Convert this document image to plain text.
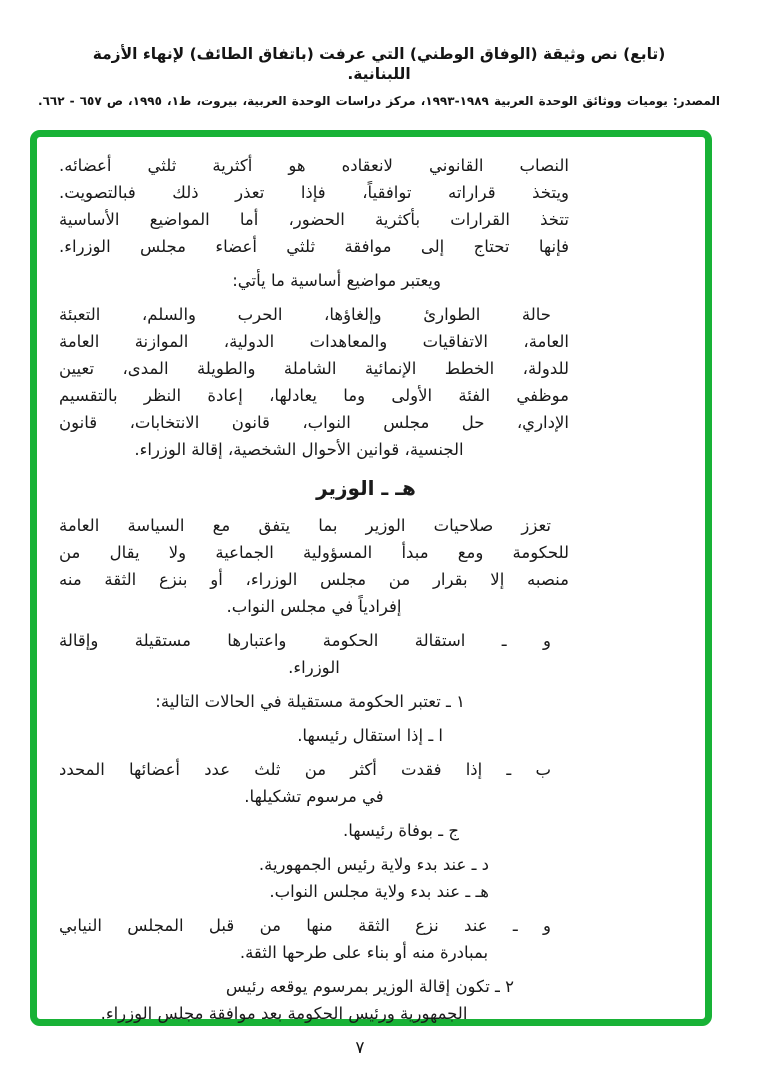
(تابع) نص وثيقة (الوفاق الوطني) التي عرفت (باتفاق الطائف) لإنهاء الأزمة اللبنانية.
المصدر: يوميات ووثائق الوحدة العربية ١٩٨٩-١٩٩٣، مركز دراسات الوحدة العربية، بيروت، ط١، ١٩٩٥، ص ٦٥٧ - ٦٦٢.
النصاب القانوني لانعقاده هو أكثرية ثلثي أعضائه.
ويتخذ قراراته توافقياً، فإذا تعذر ذلك فبالتصويت.
تتخذ القرارات بأكثرية الحضور، أما المواضيع الأساسية
فإنها تحتاج إلى موافقة ثلثي أعضاء مجلس الوزراء.
ويعتبر مواضيع أساسية ما يأتي:
حالة الطوارئ وإلغاؤها، الحرب والسلم، التعبئة
العامة، الاتفاقيات والمعاهدات الدولية، الموازنة العامة
للدولة، الخطط الإنمائية الشاملة والطويلة المدى، تعيين
موظفي الفئة الأولى وما يعادلها، إعادة النظر بالتقسيم
الإداري، حل مجلس النواب، قانون الانتخابات، قانون
الجنسية، قوانين الأحوال الشخصية، إقالة الوزراء.
هـ ـ الوزير
تعزز صلاحيات الوزير بما يتفق مع السياسة العامة
للحكومة ومع مبدأ المسؤولية الجماعية ولا يقال من
منصبه إلا بقرار من مجلس الوزراء، أو بنزع الثقة منه
إفرادياً في مجلس النواب.
و ـ استقالة الحكومة واعتبارها مستقيلة وإقالة
الوزراء.
١ ـ تعتبر الحكومة مستقيلة في الحالات التالية:
ا ـ إذا استقال رئيسها.
ب ـ إذا فقدت أكثر من ثلث عدد أعضائها المحدد
في مرسوم تشكيلها.
ج ـ بوفاة رئيسها.
د ـ عند بدء ولاية رئيس الجمهورية.
هـ ـ عند بدء ولاية مجلس النواب.
و ـ عند نزع الثقة منها من قبل المجلس النيابي
بمبادرة منه أو بناء على طرحها الثقة.
٢ ـ تكون إقالة الوزير بمرسوم يوقعه رئيس
الجمهورية ورئيس الحكومة بعد موافقة مجلس الوزراء.
٧
